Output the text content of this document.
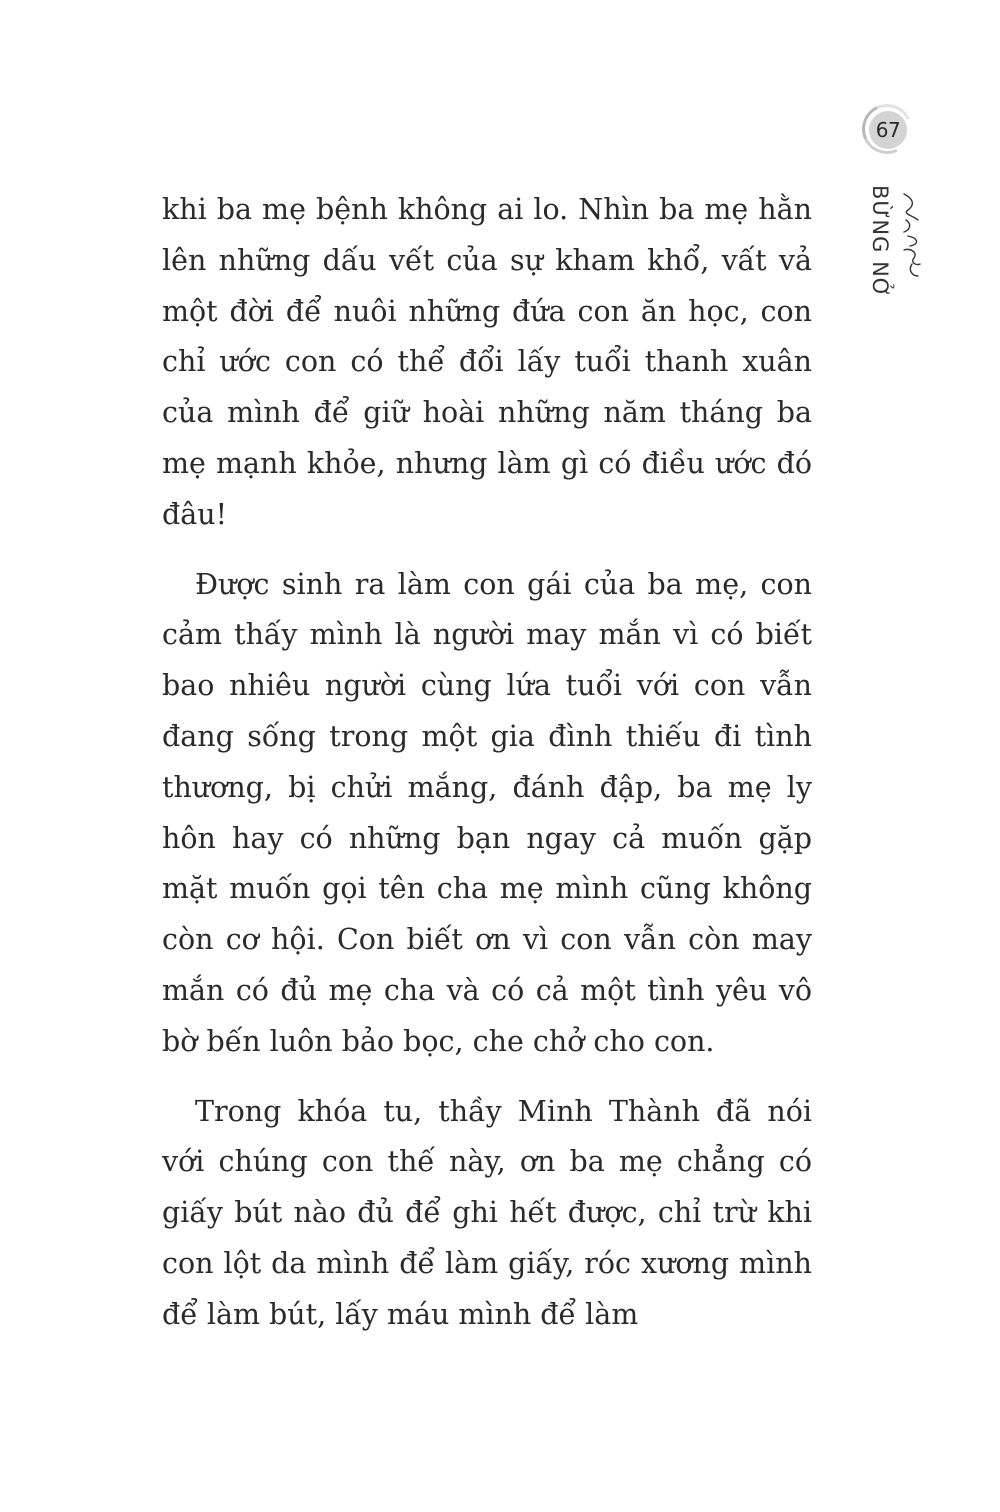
67
BỪNG NỞ

khi ba mẹ bệnh không ai lo. Nhìn ba mẹ hằn lên những dấu vết của sự kham khổ, vất vả một đời để nuôi những đứa con ăn học, con chỉ ước con có thể đổi lấy tuổi thanh xuân của mình để giữ hoài những năm tháng ba mẹ mạnh khỏe, nhưng làm gì có điều ước đó đâu!

Được sinh ra làm con gái của ba mẹ, con cảm thấy mình là người may mắn vì có biết bao nhiêu người cùng lứa tuổi với con vẫn đang sống trong một gia đình thiếu đi tình thương, bị chửi mắng, đánh đập, ba mẹ ly hôn hay có những bạn ngay cả muốn gặp mặt muốn gọi tên cha mẹ mình cũng không còn cơ hội. Con biết ơn vì con vẫn còn may mắn có đủ mẹ cha và có cả một tình yêu vô bờ bến luôn bảo bọc, che chở cho con.

Trong khóa tu, thầy Minh Thành đã nói với chúng con thế này, ơn ba mẹ chẳng có giấy bút nào đủ để ghi hết được, chỉ trừ khi con lột da mình để làm giấy, róc xương mình để làm bút, lấy máu mình để làm
